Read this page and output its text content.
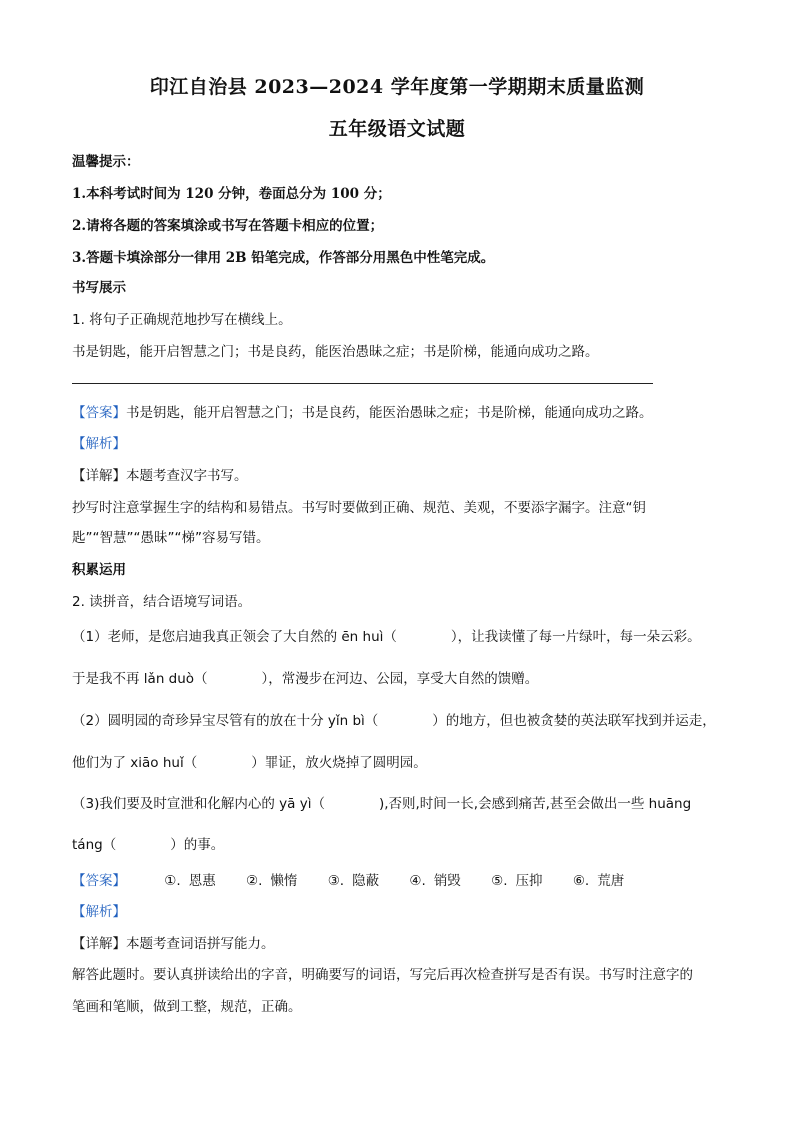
印江自治县 2023—2024 学年度第一学期期末质量监测
五年级语文试题
温馨提示：
1.本科考试时间为 120 分钟，卷面总分为 100 分；
2.请将各题的答案填涂或书写在答题卡相应的位置；
3.答题卡填涂部分一律用 2B 铅笔完成，作答部分用黑色中性笔完成。
书写展示
1. 将句子正确规范地抄写在横线上。
书是钥匙，能开启智慧之门；书是良药，能医治愚昧之症；书是阶梯，能通向成功之路。
【答案】书是钥匙，能开启智慧之门；书是良药，能医治愚昧之症；书是阶梯，能通向成功之路。
【解析】
【详解】本题考查汉字书写。
抄写时注意掌握生字的结构和易错点。书写时要做到正确、规范、美观，不要添字漏字。注意“钥
匙”“智慧”“愚昧”“梯”容易写错。
积累运用
2. 读拼音，结合语境写词语。
（1）老师，是您启迪我真正领会了大自然的 ēn huì（　　　　），让我读懂了每一片绿叶，每一朵云彩。
于是我不再 lǎn duò（　　　　），常漫步在河边、公园，享受大自然的馈赠。
（2）圆明园的奇珍异宝尽管有的放在十分 yǐn bì（　　　　）的地方，但也被贪婪的英法联军找到并运走，
他们为了 xiāo huǐ（　　　　）罪证，放火烧掉了圆明园。
（3)我们要及时宣泄和化解内心的 yā yì（　　　　),否则,时间一长,会感到痛苦,甚至会做出一些 huāng
táng（　　　　）的事。
【答案】	①. 恩惠 ②. 懒惰 ③. 隐蔽 ④. 销毁 ⑤. 压抑 ⑥. 荒唐
【解析】
【详解】本题考查词语拼写能力。
解答此题时。要认真拼读给出的字音，明确要写的词语，写完后再次检查拼写是否有误。书写时注意字的
笔画和笔顺，做到工整，规范，正确。
